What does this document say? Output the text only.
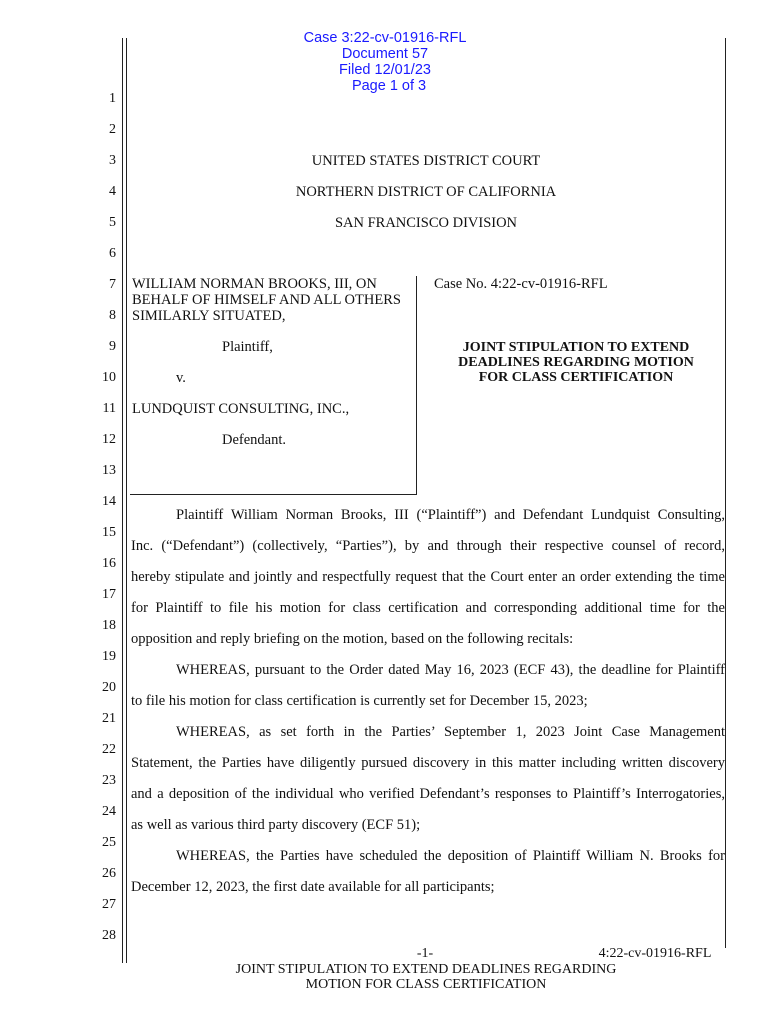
Case 3:22-cv-01916-RFL
Document 57
Filed 12/01/23
Page 1 of 3

1
2
3
4
5
6
7
8
9
10
11
12
13
14
15
16
17
18
19
20
21
22
23
24
25
26
27
28
UNITED STATES DISTRICT COURT
NORTHERN DISTRICT OF CALIFORNIA
SAN FRANCISCO DIVISION
WILLIAM NORMAN BROOKS, III, ON
BEHALF OF HIMSELF AND ALL OTHERS
SIMILARLY SITUATED,
Plaintiff,
v.
LUNDQUIST CONSULTING, INC.,
Defendant.
Case No. 4:22-cv-01916-RFL
JOINT STIPULATION TO EXTEND
DEADLINES REGARDING MOTION
FOR CLASS CERTIFICATION
Plaintiff William Norman Brooks, III (“Plaintiff”) and Defendant Lundquist Consulting,
Inc. (“Defendant”) (collectively, “Parties”), by and through their respective counsel of record,
hereby stipulate and jointly and respectfully request that the Court enter an order extending the time
for Plaintiff to file his motion for class certification and corresponding additional time for the
opposition and reply briefing on the motion, based on the following recitals:
WHEREAS, pursuant to the Order dated May 16, 2023 (ECF 43), the deadline for Plaintiff
to file his motion for class certification is currently set for December 15, 2023;
WHEREAS, as set forth in the Parties’ September 1, 2023 Joint Case Management
Statement, the Parties have diligently pursued discovery in this matter including written discovery
and a deposition of the individual who verified Defendant’s responses to Plaintiff’s Interrogatories,
as well as various third party discovery (ECF 51);
WHEREAS, the Parties have scheduled the deposition of Plaintiff William N. Brooks for
December 12, 2023, the first date available for all participants;
-1-	4:22-cv-01916-RFL
JOINT STIPULATION TO EXTEND DEADLINES REGARDING
MOTION FOR CLASS CERTIFICATION
